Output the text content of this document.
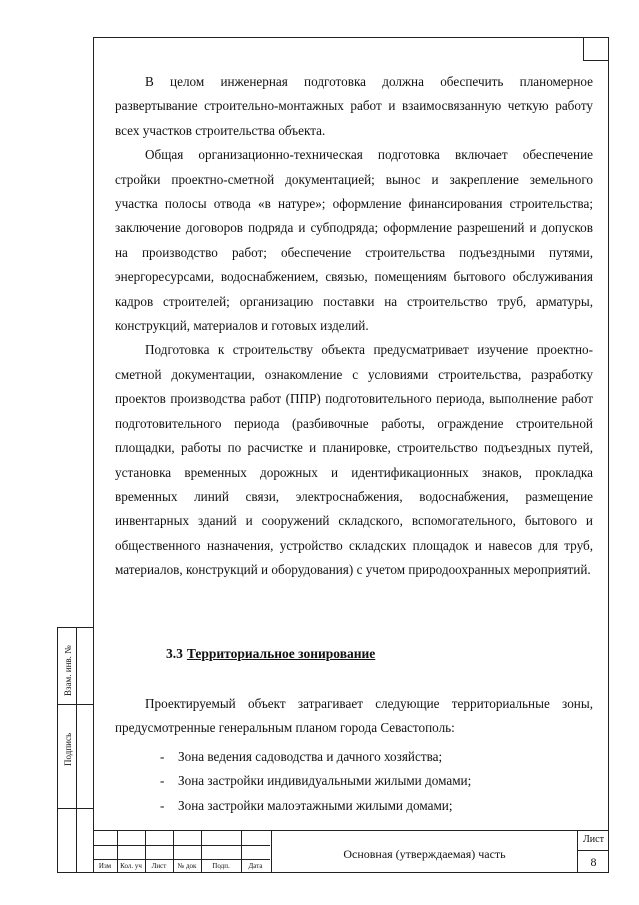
Взам. инв. №
Подпись

В целом инженерная подготовка должна обеспечить планомерное развертывание строительно-монтажных работ и взаимосвязанную четкую работу всех участков строительства объекта.

Общая организационно-техническая подготовка включает обеспечение стройки проектно-сметной документацией; вынос и закрепление земельного участка полосы отвода «в натуре»; оформление финансирования строительства; заключение договоров подряда и субподряда; оформление разрешений и допусков на производство работ; обеспечение строительства подъездными путями, энергоресурсами, водоснабжением, связью, помещениям бытового обслуживания кадров строителей; организацию поставки на строительство труб, арматуры, конструкций, материалов и готовых изделий.

Подготовка к строительству объекта предусматривает изучение проектно-сметной документации, ознакомление с условиями строительства, разработку проектов производства работ (ППР) подготовительного периода, выполнение работ подготовительного периода (разбивочные работы, ограждение строительной площадки, работы по расчистке и планировке, строительство подъездных путей, установка временных дорожных и идентификационных знаков, прокладка временных линий связи, электроснабжения, водоснабжения, размещение инвентарных зданий и сооружений складского, вспомогательного, бытового и общественного назначения, устройство складских площадок и навесов для труб, материалов, конструкций и оборудования) с учетом природоохранных мероприятий.

3.3 Территориальное зонирование

Проектируемый объект затрагивает следующие территориальные зоны, предусмотренные генеральным планом города Севастополь:

- Зона ведения садоводства и дачного хозяйства;
- Зона застройки индивидуальными жилыми домами;
- Зона застройки малоэтажными жилыми домами;
Изм	Кол. уч	Лист	№ док	Подп.	Дата
Основная (утверждаемая) часть
Лист
8
